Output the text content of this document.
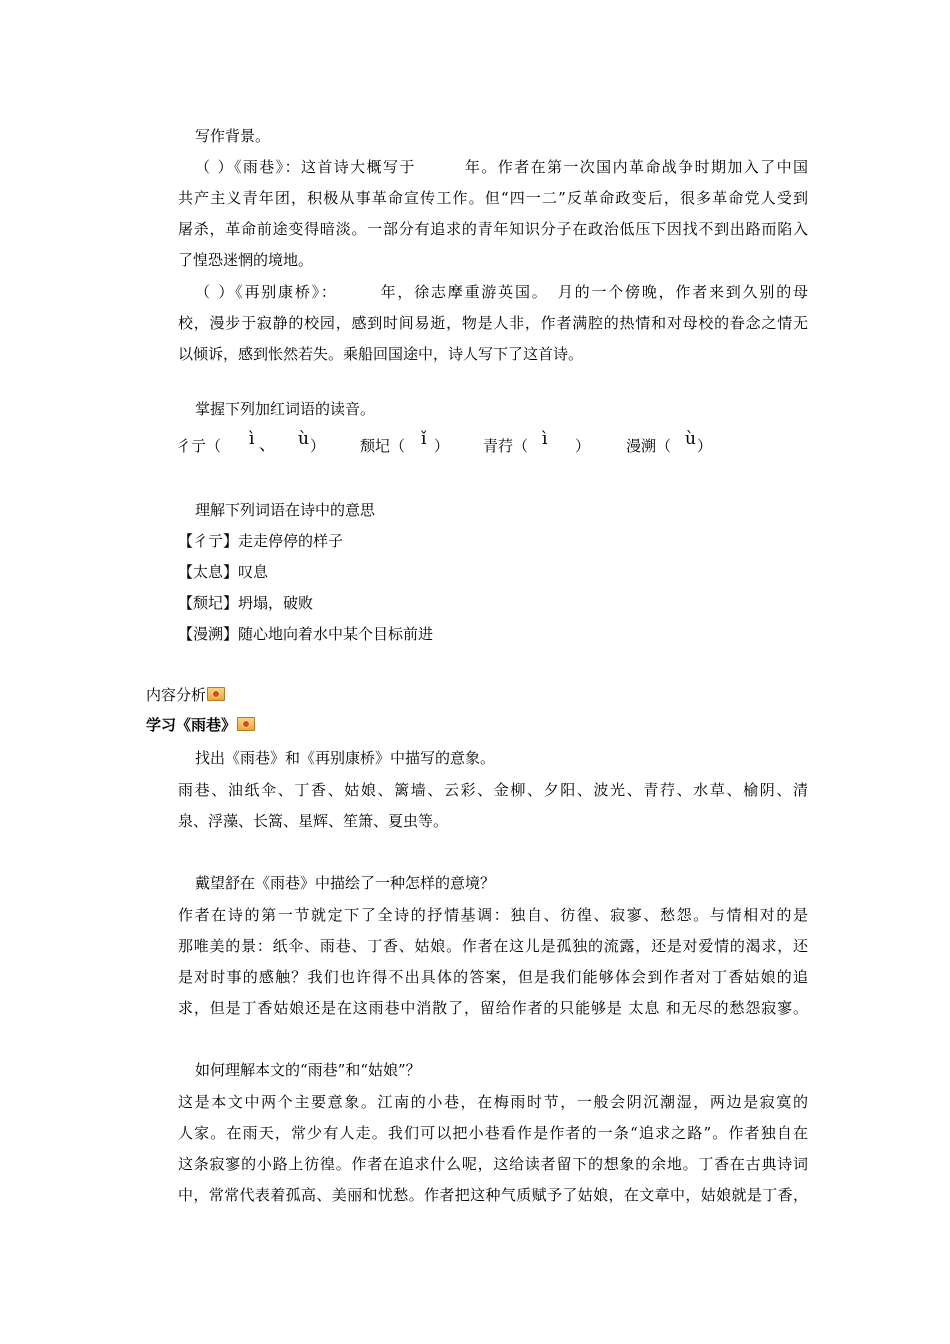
写作背景。
（ ）《雨巷》：这首诗大概写于　　　年。作者在第一次国内革命战争时期加入了中国
共产主义青年团，积极从事革命宣传工作。但“四一二”反革命政变后，很多革命党人受到
屠杀，革命前途变得暗淡。一部分有追求的青年知识分子在政治低压下因找不到出路而陷入
了惶恐迷惘的境地。
（ ）《再别康桥》：　　　年，徐志摩重游英国。　月的一个傍晚，作者来到久别的母
校，漫步于寂静的校园，感到时间易逝，物是人非，作者满腔的热情和对母校的眷念之情无
以倾诉，感到怅然若失。乘船回国途中，诗人写下了这首诗。
掌握下列加红词语的读音。
彳亍（ ì 、 ù ） 颓圮（ ǐ ） 青荇（ ì ） 漫溯（ ù ）
理解下列词语在诗中的意思
【彳亍】走走停停的样子
【太息】叹息
【颓圮】坍塌，破败
【漫溯】随心地向着水中某个目标前进
内容分析
学习《雨巷》
找出《雨巷》和《再别康桥》中描写的意象。
雨巷、油纸伞、丁香、姑娘、篱墙、云彩、金柳、夕阳、波光、青荇、水草、榆阴、清
泉、浮藻、长篙、星辉、笙箫、夏虫等。
戴望舒在《雨巷》中描绘了一种怎样的意境？
作者在诗的第一节就定下了全诗的抒情基调：独自、彷徨、寂寥、愁怨。与情相对的是
那唯美的景：纸伞、雨巷、丁香、姑娘。作者在这儿是孤独的流露，还是对爱情的渴求，还
是对时事的感触？我们也许得不出具体的答案，但是我们能够体会到作者对丁香姑娘的追
求，但是丁香姑娘还是在这雨巷中消散了，留给作者的只能够是 太息 和无尽的愁怨寂寥。
如何理解本文的“雨巷”和“姑娘”？
这是本文中两个主要意象。江南的小巷，在梅雨时节，一般会阴沉潮湿，两边是寂寞的
人家。在雨天，常少有人走。我们可以把小巷看作是作者的一条“追求之路”。作者独自在
这条寂寥的小路上彷徨。作者在追求什么呢，这给读者留下的想象的余地。丁香在古典诗词
中，常常代表着孤高、美丽和忧愁。作者把这种气质赋予了姑娘，在文章中，姑娘就是丁香，
